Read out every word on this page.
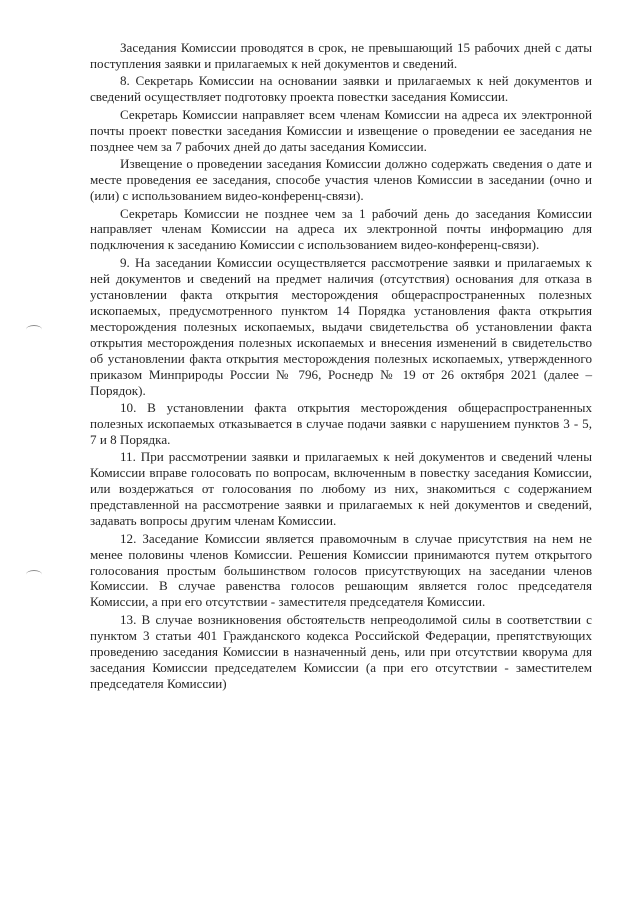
Заседания Комиссии проводятся в срок, не превышающий 15 рабочих дней с даты поступления заявки и прилагаемых к ней документов и сведений.

8. Секретарь Комиссии на основании заявки и прилагаемых к ней документов и сведений осуществляет подготовку проекта повестки заседания Комиссии.

Секретарь Комиссии направляет всем членам Комиссии на адреса их электронной почты проект повестки заседания Комиссии и извещение о проведении ее заседания не позднее чем за 7 рабочих дней до даты заседания Комиссии.

Извещение о проведении заседания Комиссии должно содержать сведения о дате и месте проведения ее заседания, способе участия членов Комиссии в заседании (очно и (или) с использованием видео-конференц-связи).

Секретарь Комиссии не позднее чем за 1 рабочий день до заседания Комиссии направляет членам Комиссии на адреса их электронной почты информацию для подключения к заседанию Комиссии с использованием видео-конференц-связи).

9. На заседании Комиссии осуществляется рассмотрение заявки и прилагаемых к ней документов и сведений на предмет наличия (отсутствия) основания для отказа в установлении факта открытия месторождения общераспространенных полезных ископаемых, предусмотренного пунктом 14 Порядка установления факта открытия месторождения полезных ископаемых, выдачи свидетельства об установлении факта открытия месторождения полезных ископаемых и внесения изменений в свидетельство об установлении факта открытия месторождения полезных ископаемых, утвержденного приказом Минприроды России № 796, Роснедр № 19 от 26 октября 2021 (далее – Порядок).

10. В установлении факта открытия месторождения общераспространенных полезных ископаемых отказывается в случае подачи заявки с нарушением пунктов 3 - 5, 7 и 8 Порядка.

11. При рассмотрении заявки и прилагаемых к ней документов и сведений члены Комиссии вправе голосовать по вопросам, включенным в повестку заседания Комиссии, или воздержаться от голосования по любому из них, знакомиться с содержанием представленной на рассмотрение заявки и прилагаемых к ней документов и сведений, задавать вопросы другим членам Комиссии.

12. Заседание Комиссии является правомочным в случае присутствия на нем не менее половины членов Комиссии. Решения Комиссии принимаются путем открытого голосования простым большинством голосов присутствующих на заседании членов Комиссии. В случае равенства голосов решающим является голос председателя Комиссии, а при его отсутствии - заместителя председателя Комиссии.

13. В случае возникновения обстоятельств непреодолимой силы в соответствии с пунктом 3 статьи 401 Гражданского кодекса Российской Федерации, препятствующих проведению заседания Комиссии в назначенный день, или при отсутствии кворума для заседания Комиссии председателем Комиссии (а при его отсутствии - заместителем председателя Комиссии)
